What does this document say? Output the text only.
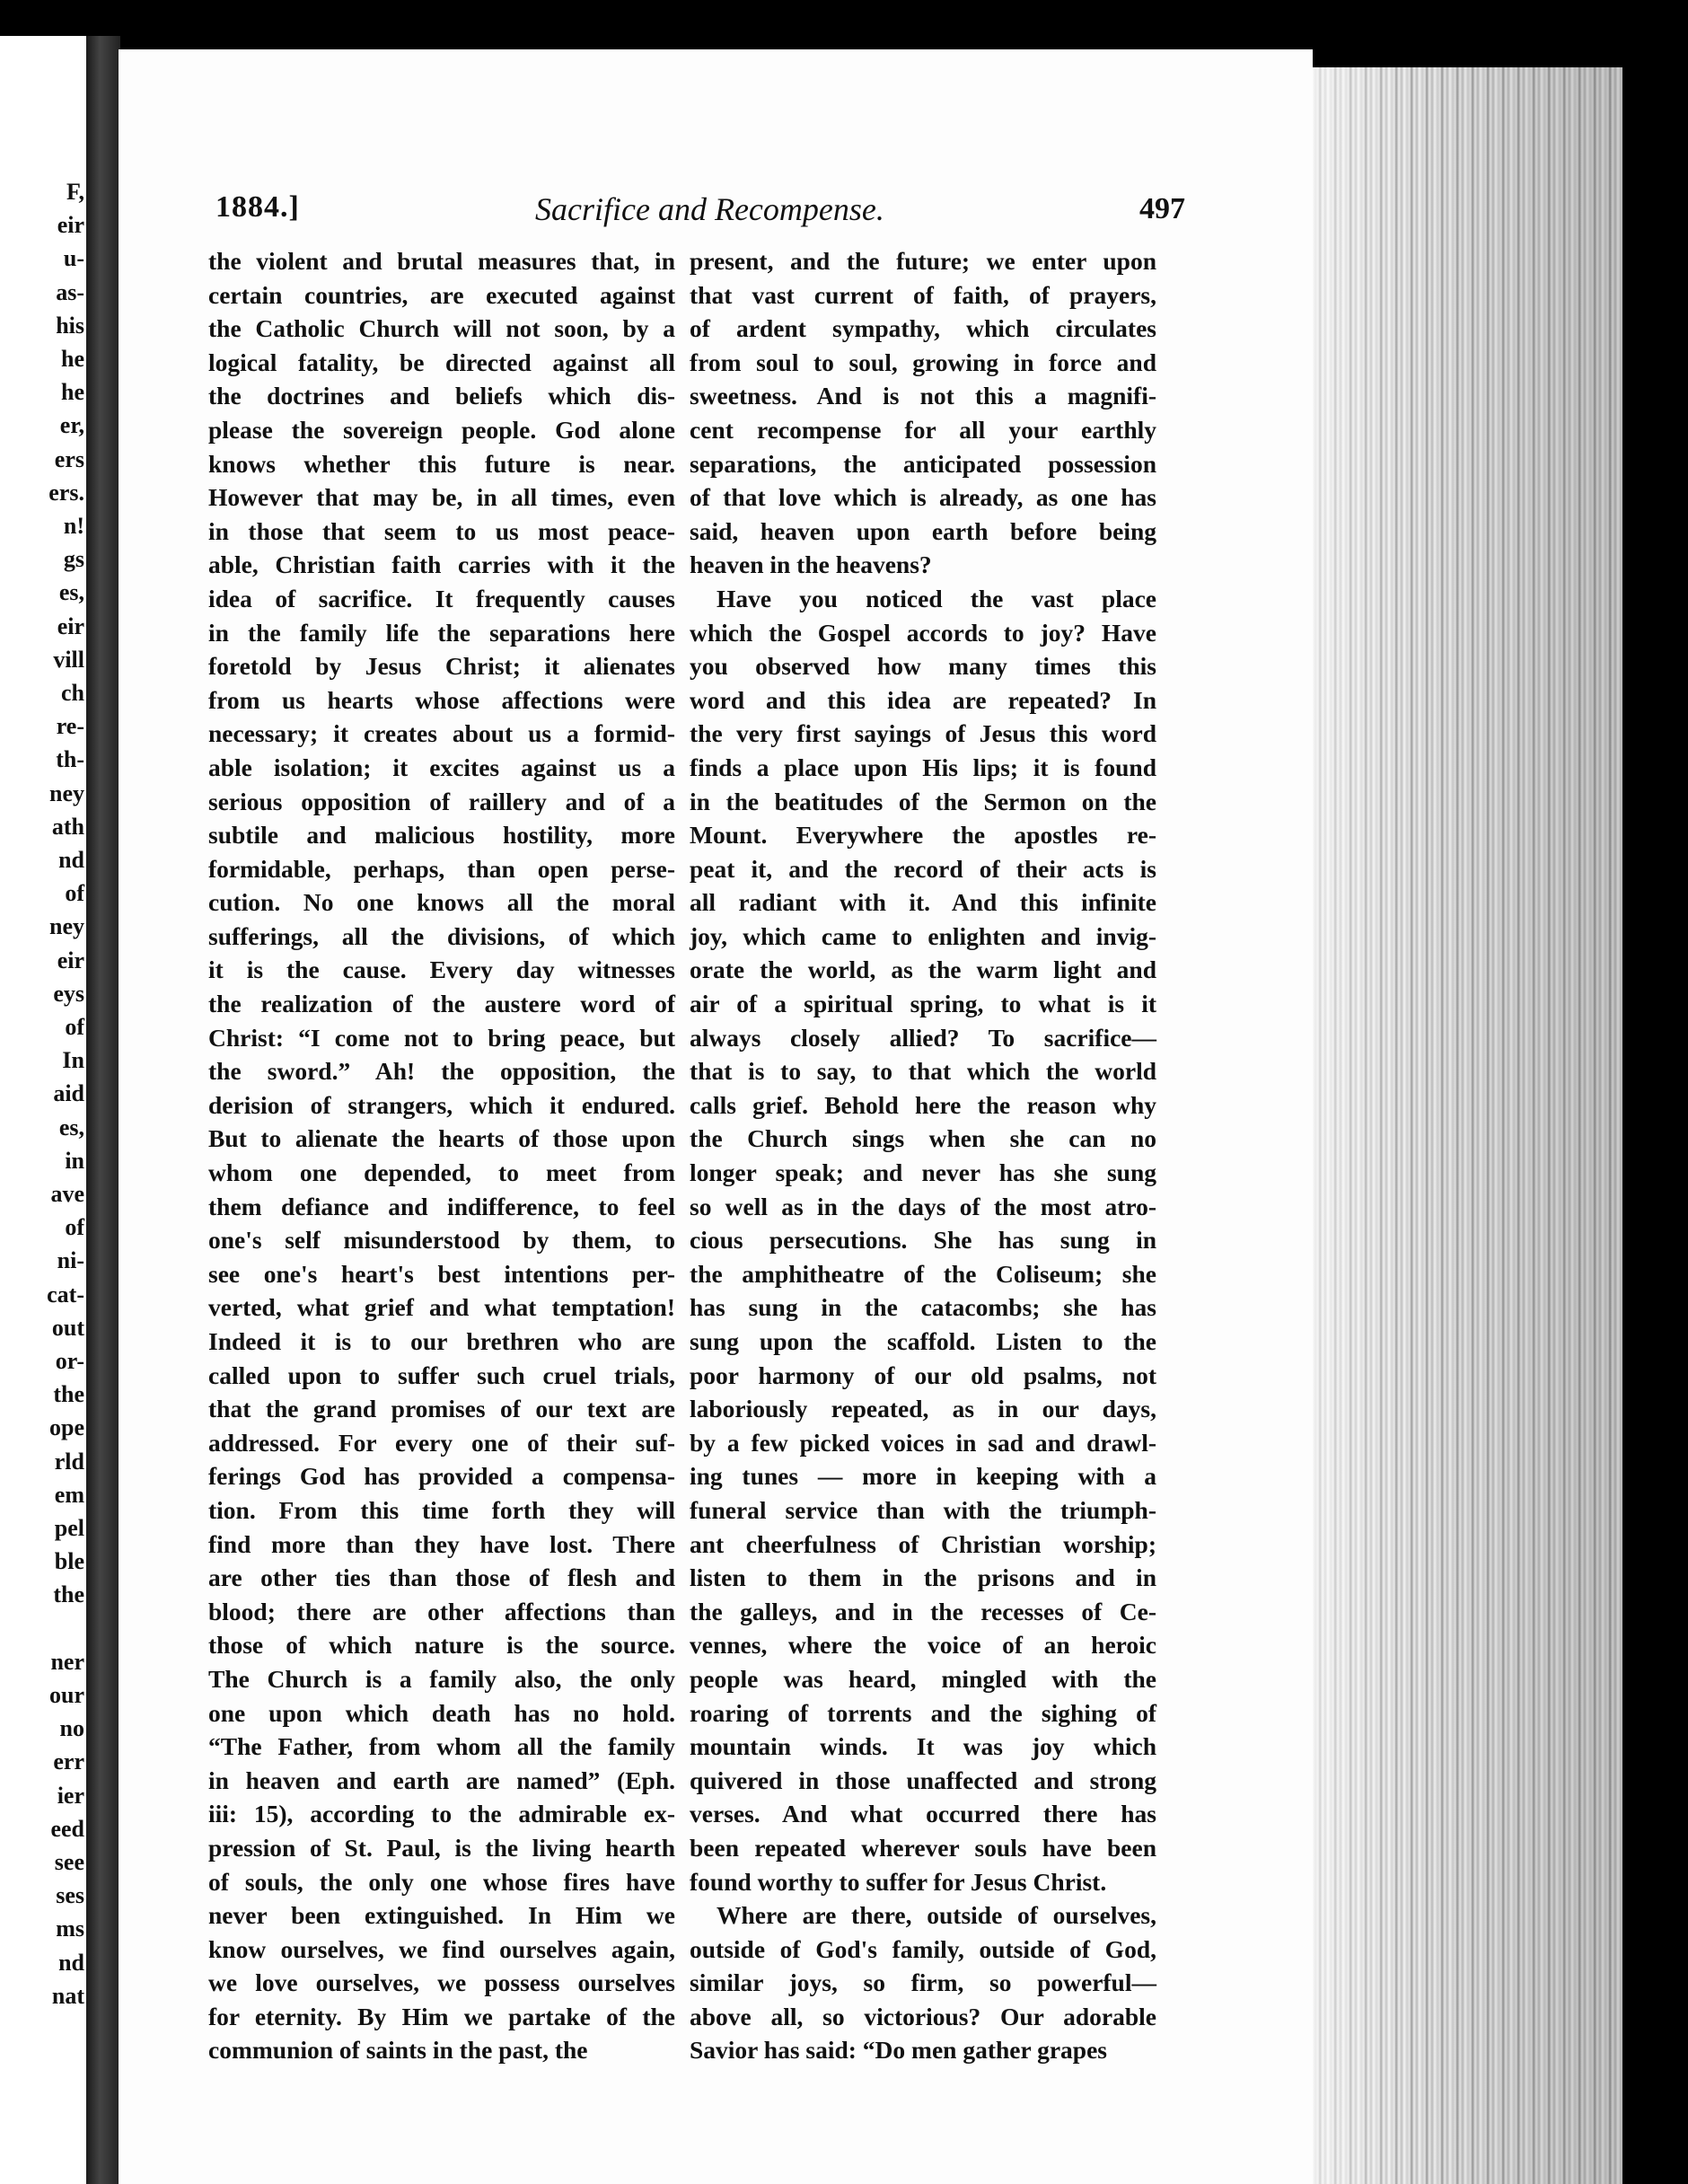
F,
eir
u-
as-
his
he
he
er,
ers
ers.
n!
gs
es,
eir
vill
ch
re-
th-
ney
ath
nd
of
ney
eir
eys
of
In
aid
es,
in
ave
of
ni-
cat-
out
or-
the
ope
rld
em
pel
ble
the
ner
our
no
err
ier
eed
see
ses
ms
nd
nat
1884.]	Sacrifice and Recompense.	497
the violent and brutal measures that, in
certain countries, are executed against
the Catholic Church will not soon, by a
logical fatality, be directed against all
the doctrines and beliefs which dis-
please the sovereign people. God alone
knows whether this future is near.
However that may be, in all times, even
in those that seem to us most peace-
able, Christian faith carries with it the
idea of sacrifice. It frequently causes
in the family life the separations here
foretold by Jesus Christ; it alienates
from us hearts whose affections were
necessary; it creates about us a formid-
able isolation; it excites against us a
serious opposition of raillery and of a
subtile and malicious hostility, more
formidable, perhaps, than open perse-
cution. No one knows all the moral
sufferings, all the divisions, of which
it is the cause. Every day witnesses
the realization of the austere word of
Christ: “I come not to bring peace, but
the sword.” Ah! the opposition, the
derision of strangers, which it endured.
But to alienate the hearts of those upon
whom one depended, to meet from
them defiance and indifference, to feel
one's self misunderstood by them, to
see one's heart's best intentions per-
verted, what grief and what temptation!
Indeed it is to our brethren who are
called upon to suffer such cruel trials,
that the grand promises of our text are
addressed. For every one of their suf-
ferings God has provided a compensa-
tion. From this time forth they will
find more than they have lost. There
are other ties than those of flesh and
blood; there are other affections than
those of which nature is the source.
The Church is a family also, the only
one upon which death has no hold.
“The Father, from whom all the family
in heaven and earth are named” (Eph.
iii: 15), according to the admirable ex-
pression of St. Paul, is the living hearth
of souls, the only one whose fires have
never been extinguished. In Him we
know ourselves, we find ourselves again,
we love ourselves, we possess ourselves
for eternity. By Him we partake of the
communion of saints in the past, the
present, and the future; we enter upon
that vast current of faith, of prayers,
of ardent sympathy, which circulates
from soul to soul, growing in force and
sweetness. And is not this a magnifi-
cent recompense for all your earthly
separations, the anticipated possession
of that love which is already, as one has
said, heaven upon earth before being
heaven in the heavens?
Have you noticed the vast place
which the Gospel accords to joy? Have
you observed how many times this
word and this idea are repeated? In
the very first sayings of Jesus this word
finds a place upon His lips; it is found
in the beatitudes of the Sermon on the
Mount. Everywhere the apostles re-
peat it, and the record of their acts is
all radiant with it. And this infinite
joy, which came to enlighten and invig-
orate the world, as the warm light and
air of a spiritual spring, to what is it
always closely allied? To sacrifice—
that is to say, to that which the world
calls grief. Behold here the reason why
the Church sings when she can no
longer speak; and never has she sung
so well as in the days of the most atro-
cious persecutions. She has sung in
the amphitheatre of the Coliseum; she
has sung in the catacombs; she has
sung upon the scaffold. Listen to the
poor harmony of our old psalms, not
laboriously repeated, as in our days,
by a few picked voices in sad and drawl-
ing tunes — more in keeping with a
funeral service than with the triumph-
ant cheerfulness of Christian worship;
listen to them in the prisons and in
the galleys, and in the recesses of Ce-
vennes, where the voice of an heroic
people was heard, mingled with the
roaring of torrents and the sighing of
mountain winds. It was joy which
quivered in those unaffected and strong
verses. And what occurred there has
been repeated wherever souls have been
found worthy to suffer for Jesus Christ.
Where are there, outside of ourselves,
outside of God's family, outside of God,
similar joys, so firm, so powerful—
above all, so victorious? Our adorable
Savior has said: “Do men gather grapes
